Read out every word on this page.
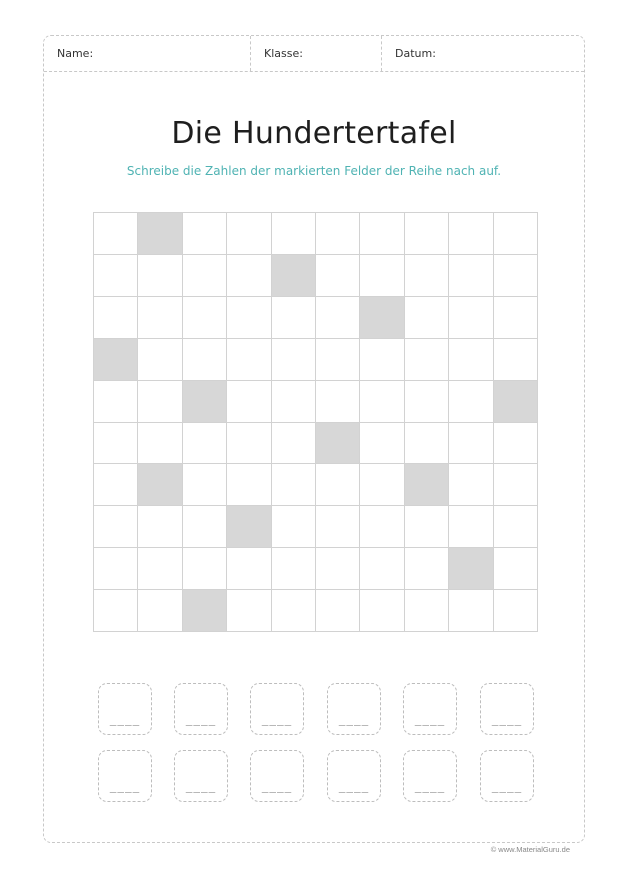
Name:	Klasse:	Datum:
Die Hundertertafel
Schreibe die Zahlen der markierten Felder der Reihe nach auf.
____	____	____	____	____	____
____	____	____	____	____	____
© www.MaterialGuru.de
